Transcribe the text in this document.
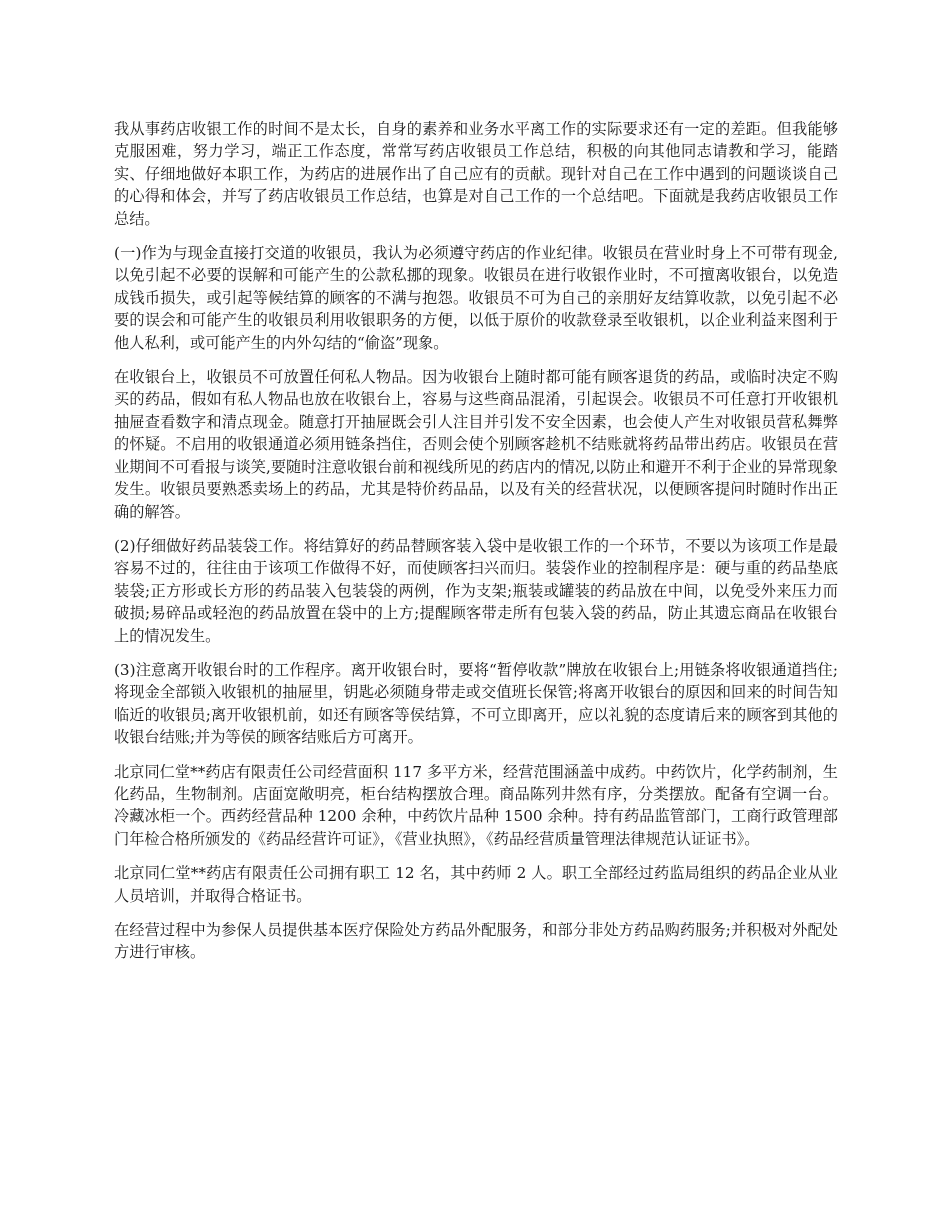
我从事药店收银工作的时间不是太长，自身的素养和业务水平离工作的实际要求还有一定的差距。但我能够克服困难，努力学习，端正工作态度，常常写药店收银员工作总结，积极的向其他同志请教和学习，能踏实、仔细地做好本职工作，为药店的进展作出了自己应有的贡献。现针对自己在工作中遇到的问题谈谈自己的心得和体会，并写了药店收银员工作总结，也算是对自己工作的一个总结吧。下面就是我药店收银员工作总结。

(一)作为与现金直接打交道的收银员，我认为必须遵守药店的作业纪律。收银员在营业时身上不可带有现金,以免引起不必要的误解和可能产生的公款私挪的现象。收银员在进行收银作业时，不可擅离收银台，以免造成钱币损失，或引起等候结算的顾客的不满与抱怨。收银员不可为自己的亲朋好友结算收款，以免引起不必要的误会和可能产生的收银员利用收银职务的方便，以低于原价的收款登录至收银机，以企业利益来图利于他人私利，或可能产生的内外勾结的“偷盗”现象。

在收银台上，收银员不可放置任何私人物品。因为收银台上随时都可能有顾客退货的药品，或临时决定不购买的药品，假如有私人物品也放在收银台上，容易与这些商品混淆，引起误会。收银员不可任意打开收银机抽屉查看数字和清点现金。随意打开抽屉既会引人注目并引发不安全因素，也会使人产生对收银员营私舞弊的怀疑。不启用的收银通道必须用链条挡住，否则会使个别顾客趁机不结账就将药品带出药店。收银员在营业期间不可看报与谈笑,要随时注意收银台前和视线所见的药店内的情况,以防止和避开不利于企业的异常现象发生。收银员要熟悉卖场上的药品，尤其是特价药品品，以及有关的经营状况，以便顾客提问时随时作出正确的解答。

(2)仔细做好药品装袋工作。将结算好的药品替顾客装入袋中是收银工作的一个环节，不要以为该项工作是最容易不过的，往往由于该项工作做得不好，而使顾客扫兴而归。装袋作业的控制程序是：硬与重的药品垫底装袋;正方形或长方形的药品装入包装袋的两例，作为支架;瓶装或罐装的药品放在中间，以免受外来压力而破损;易碎品或轻泡的药品放置在袋中的上方;提醒顾客带走所有包装入袋的药品，防止其遗忘商品在收银台上的情况发生。

(3)注意离开收银台时的工作程序。离开收银台时，要将“暂停收款”牌放在收银台上;用链条将收银通道挡住;将现金全部锁入收银机的抽屉里，钥匙必须随身带走或交值班长保管;将离开收银台的原因和回来的时间告知临近的收银员;离开收银机前，如还有顾客等侯结算，不可立即离开，应以礼貌的态度请后来的顾客到其他的收银台结账;并为等侯的顾客结账后方可离开。

北京同仁堂**药店有限责任公司经营面积 117 多平方米，经营范围涵盖中成药。中药饮片，化学药制剂，生化药品，生物制剂。店面宽敞明亮，柜台结构摆放合理。商品陈列井然有序，分类摆放。配备有空调一台。冷藏冰柜一个。西药经营品种 1200 余种，中药饮片品种 1500 余种。持有药品监管部门，工商行政管理部门年检合格所颁发的《药品经营许可证》，《营业执照》，《药品经营质量管理法律规范认证证书》。

北京同仁堂**药店有限责任公司拥有职工 12 名，其中药师 2 人。职工全部经过药监局组织的药品企业从业人员培训，并取得合格证书。

在经营过程中为参保人员提供基本医疗保险处方药品外配服务，和部分非处方药品购药服务;并积极对外配处方进行审核。
